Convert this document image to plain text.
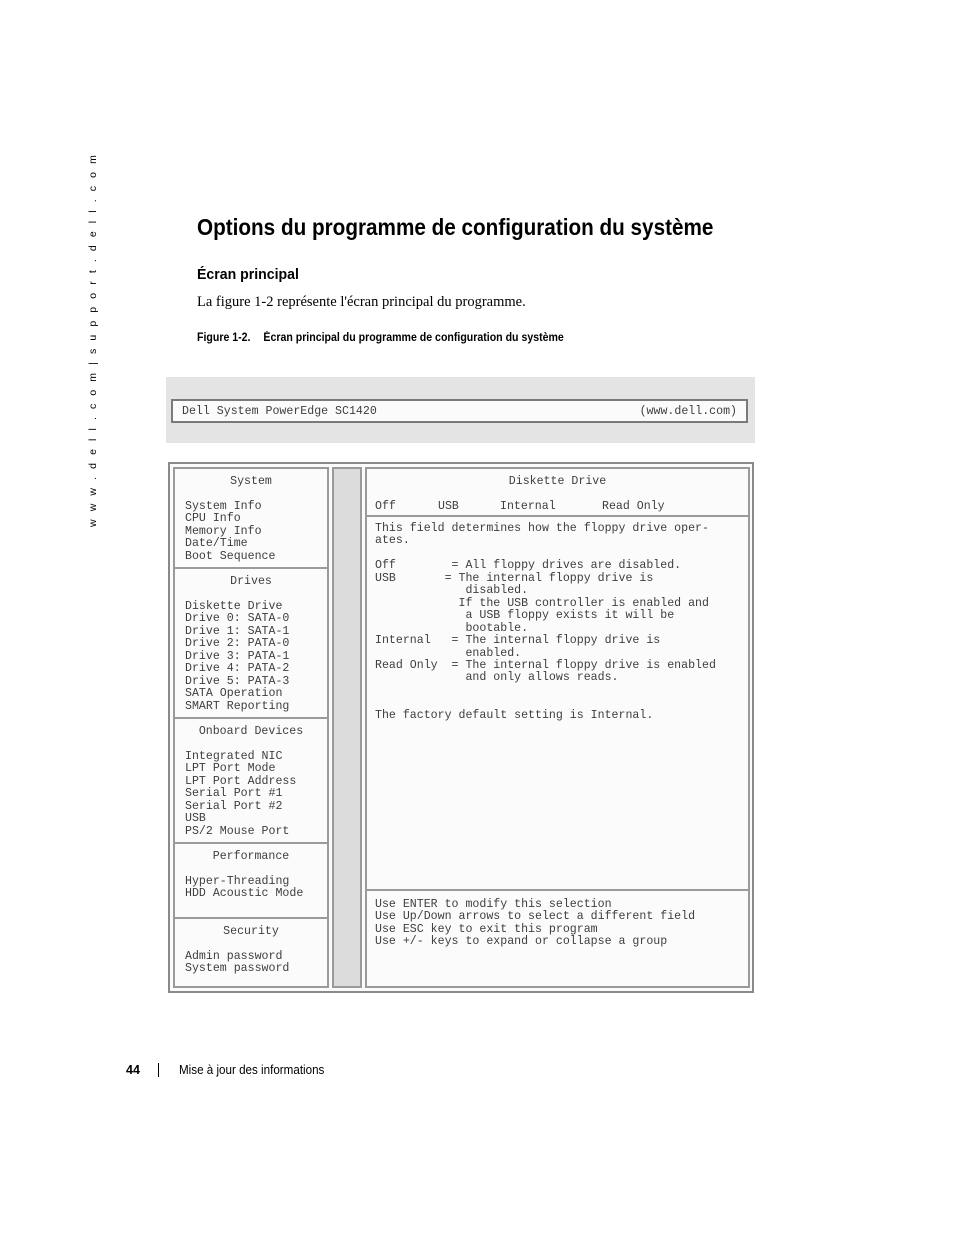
w w w . d e l l . c o m | s u p p o r t . d e l l . c o m	Options du programme de configuration du système
Écran principal

La figure 1-2 représente l'écran principal du programme.

Figure 1-2. Écran principal du programme de configuration du système

Dell System PowerEdge SC1420	(www.dell.com)
System
System Info
CPU Info
Memory Info
Date/Time
Boot Sequence
Drives
Diskette Drive
Drive 0: SATA-0
Drive 1: SATA-1
Drive 2: PATA-0
Drive 3: PATA-1
Drive 4: PATA-2
Drive 5: PATA-3
SATA Operation
SMART Reporting
Onboard Devices
Integrated NIC
LPT Port Mode
LPT Port Address
Serial Port #1
Serial Port #2
USB
PS/2 Mouse Port
Performance
Hyper-Threading
HDD Acoustic Mode
Security
Admin password
System password
Diskette Drive
Off	USB	Internal	Read Only
This field determines how the floppy drive oper-
ates.

Off        = All floppy drives are disabled.
USB       = The internal floppy drive is
disabled.
If the USB controller is enabled and
a USB floppy exists it will be
bootable.
Internal   = The internal floppy drive is
enabled.
Read Only  = The internal floppy drive is enabled
and only allows reads.

The factory default setting is Internal.
Use ENTER to modify this selection
Use Up/Down arrows to select a different field
Use ESC key to exit this program
Use +/- keys to expand or collapse a group

44	Mise à jour des informations
